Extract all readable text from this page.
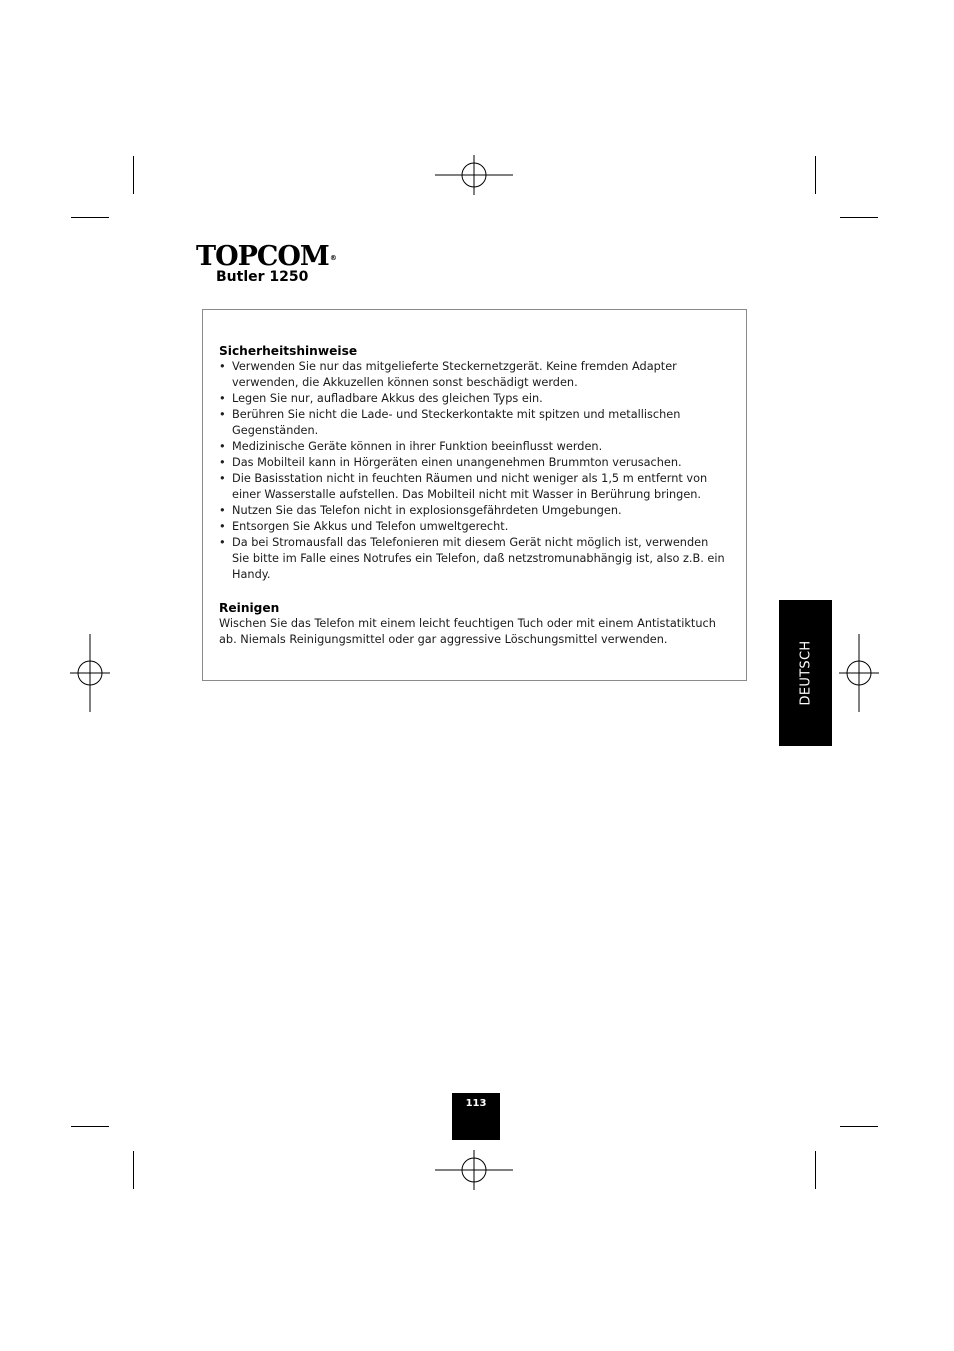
TOPCOM ®
Butler 1250

Sicherheitshinweise

• Verwenden Sie nur das mitgelieferte Steckernetzgerät. Keine fremden Adapter verwenden, die Akkuzellen können sonst beschädigt werden.
• Legen Sie nur, aufladbare Akkus des gleichen Typs ein.
• Berühren Sie nicht die Lade- und Steckerkontakte mit spitzen und metallischen Gegenständen.
• Medizinische Geräte können in ihrer Funktion beeinflusst werden.
• Das Mobilteil kann in Hörgeräten einen unangenehmen Brummton verusachen.
• Die Basisstation nicht in feuchten Räumen und nicht weniger als 1,5 m entfernt von einer Wasserstalle aufstellen. Das Mobilteil nicht mit Wasser in Berührung bringen.
• Nutzen Sie das Telefon nicht in explosionsgefährdeten Umgebungen.
• Entsorgen Sie Akkus und Telefon umweltgerecht.
• Da bei Stromausfall das Telefonieren mit diesem Gerät nicht möglich ist, verwenden Sie bitte im Falle eines Notrufes ein Telefon, daß netzstromunabhängig ist, also z.B. ein Handy.

Reinigen

Wischen Sie das Telefon mit einem leicht feuchtigen Tuch oder mit einem Antistatiktuch ab. Niemals Reinigungsmittel oder gar aggressive Löschungsmittel verwenden.

DEUTSCH
113
